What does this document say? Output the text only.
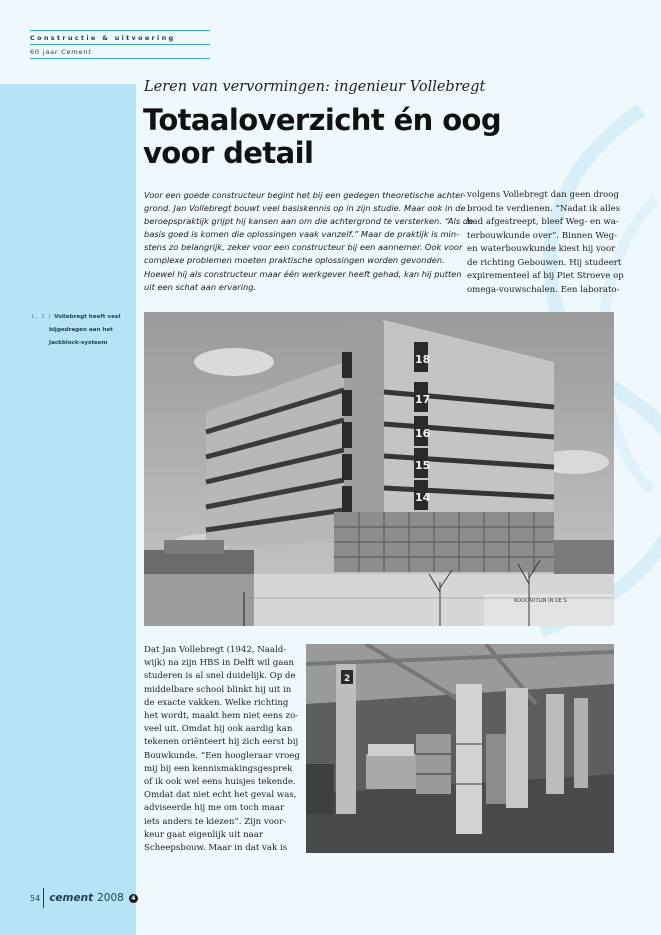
Constructie & uitvoering
60 jaar Cement
Leren van vervormingen: ingenieur Vollebregt
Totaaloverzicht én oog
voor detail
Voor een goede constructeur begint het bij een gedegen theoretische achter-
grond. Jan Vollebregt bouwt veel basiskennis op in zijn studie. Maar ook in de
beroepspraktijk grijpt hij kansen aan om die achtergrond te versterken. “Als de
basis goed is komen die oplossingen vaak vanzelf.” Maar de praktijk is min-
stens zo belangrijk, zeker voor een constructeur bij een aannemer. Ook voor
complexe problemen moeten praktische oplossingen worden gevonden.
Hoewel hij als constructeur maar één werkgever heeft gehad, kan hij putten
uit een schat aan ervaring.
volgens Vollebregt dan geen droog
brood te verdienen. “Nadat ik alles
had afgestreept, bleef Weg- en wa-
terbouwkunde over”. Binnen Weg-
en waterbouwkunde kiest hij voor
de richting Gebouwen. Hij studeert
expirementeel af bij Piet Stroeve op
omega-vouwschalen. Een laborato-
1, 2 | Vollebregt heeft veel
bijgedragen aan het
Jackblock-systeem
18
17
16
15
14
KOOCAUTLIN IN DE S
Dat Jan Vollebregt (1942, Naald-
wijk) na zijn HBS in Delft wil gaan
studeren is al snel duidelijk. Op de
middelbare school blinkt hij uit in
de exacte vakken. Welke richting
het wordt, maakt hem niet eens zo-
veel uit. Omdat hij ook aardig kan
tekenen oriënteert hij zich eerst bij
Bouwkunde. “Een hoogleraar vroeg
mij bij een kennismakingsgesprek
of ik ook wel eens huisjes tekende.
Omdat dat niet echt het geval was,
adviseerde hij me om toch maar
iets anders te kiezen”. Zijn voor-
keur gaat eigenlijk uit naar
Scheepsbouw. Maar in dat vak is
2
54 cement 2008	4
